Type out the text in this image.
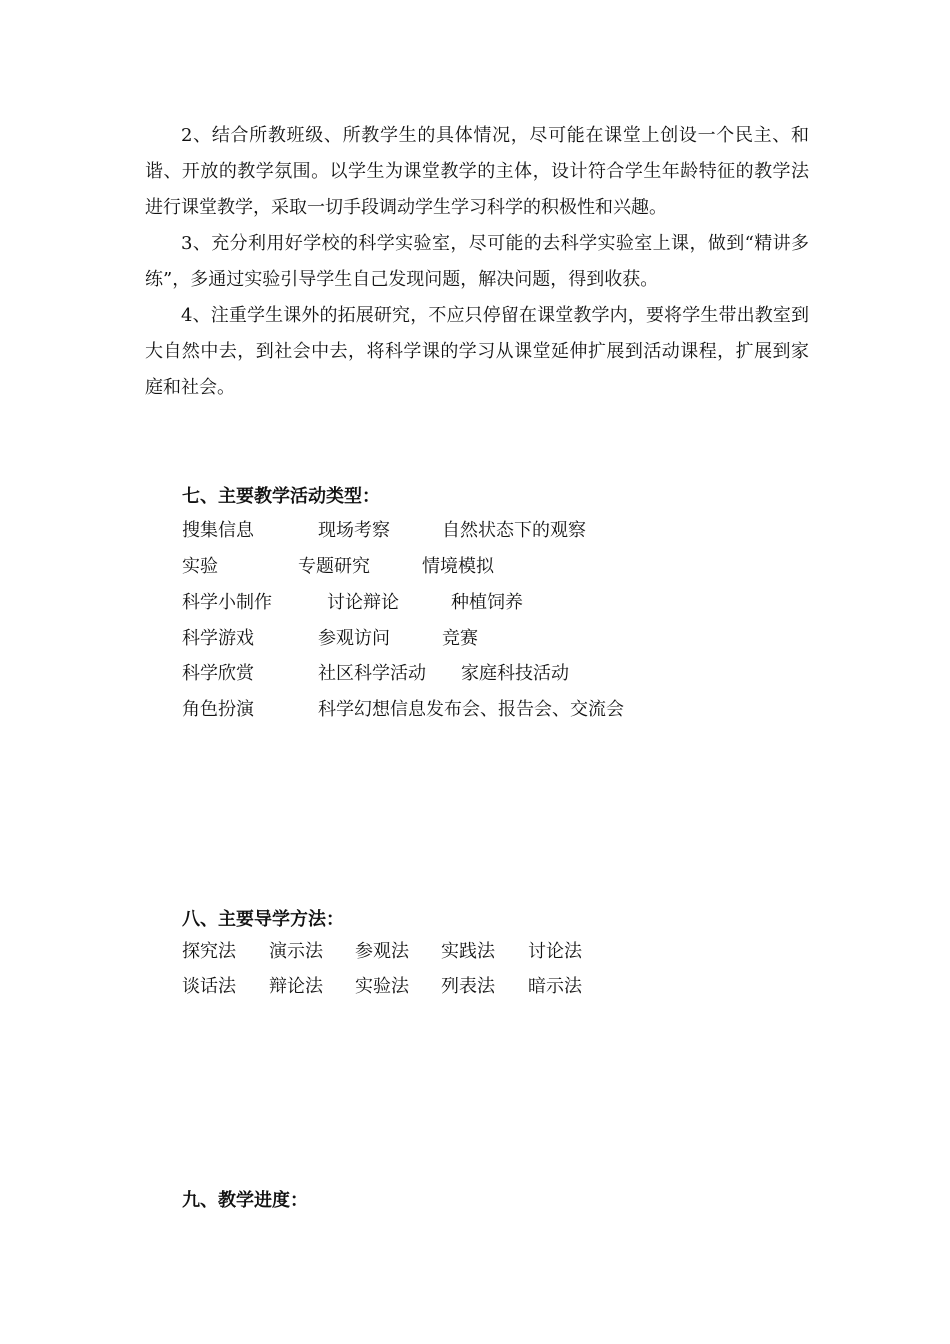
2、结合所教班级、所教学生的具体情况，尽可能在课堂上创设一个民主、和谐、开放的教学氛围。以学生为课堂教学的主体，设计符合学生年龄特征的教学法进行课堂教学，采取一切手段调动学生学习科学的积极性和兴趣。

3、充分利用好学校的科学实验室，尽可能的去科学实验室上课，做到“精讲多练”，多通过实验引导学生自己发现问题，解决问题，得到收获。

4、注重学生课外的拓展研究，不应只停留在课堂教学内，要将学生带出教室到大自然中去，到社会中去，将科学课的学习从课堂延伸扩展到活动课程，扩展到家庭和社会。

七、主要教学活动类型：
搜集信息	现场考察	自然状态下的观察
实验	专题研究	情境模拟
科学小制作	讨论辩论	种植饲养
科学游戏	参观访问	竞赛
科学欣赏	社区科学活动 家庭科技活动
角色扮演	科学幻想信息发布会、报告会、交流会
八、主要导学方法：
探究法 演示法 参观法 实践法 讨论法
谈话法 辩论法 实验法 列表法 暗示法
九、教学进度：
